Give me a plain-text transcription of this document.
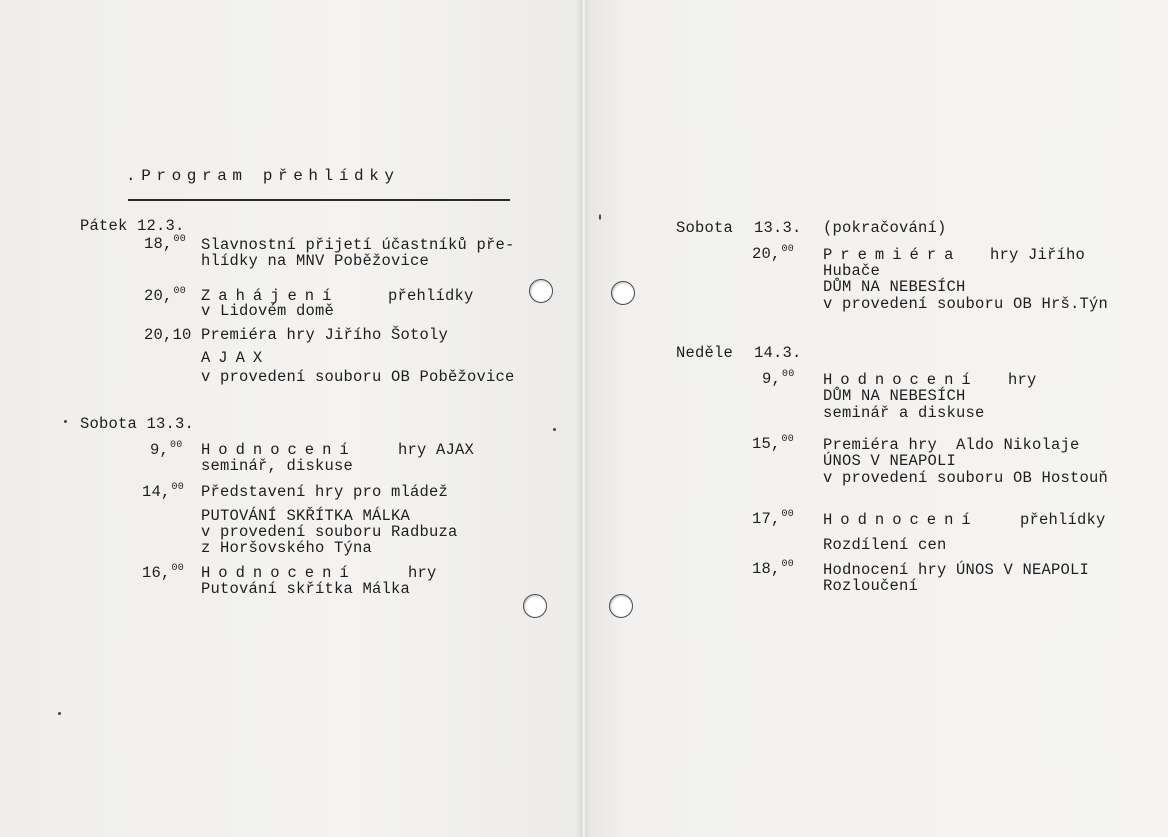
.Program přehlídky
Pátek 12.3.
18,00 Slavnostní přijetí účastníků pře-
hlídky na MNV Poběžovice
20,00 Zahájení	přehlídky
v Lidovém domě
20,10 Premiéra hry Jiřího Šotoly
AJAX
v provedení souboru OB Poběžovice
Sobota 13.3.
9,00 Hodnocení	hry AJAX
seminář, diskuse
14,00 Představení hry pro mládež
PUTOVÁNÍ SKŘÍTKA MÁLKA
v provedení souboru Radbuza
z Horšovského Týna
16,00 Hodnocení	hry
Putování skřítka Málka
Sobota 13.3. (pokračování)
20,00 Premiéra hry Jiřího
Hubače
DŮM NA NEBESÍCH
v provedení souboru OB Hrš.Týn
Neděle 14.3.
9,00 Hodnocení hry
DŮM NA NEBESÍCH
seminář a diskuse
15,00 Premiéra hry  Aldo Nikolaje
ÚNOS V NEAPOLI
v provedení souboru OB Hostouň
17,00 Hodnocení	přehlídky
Rozdílení cen
18,00 Hodnocení hry ÚNOS V NEAPOLI
Rozloučení
